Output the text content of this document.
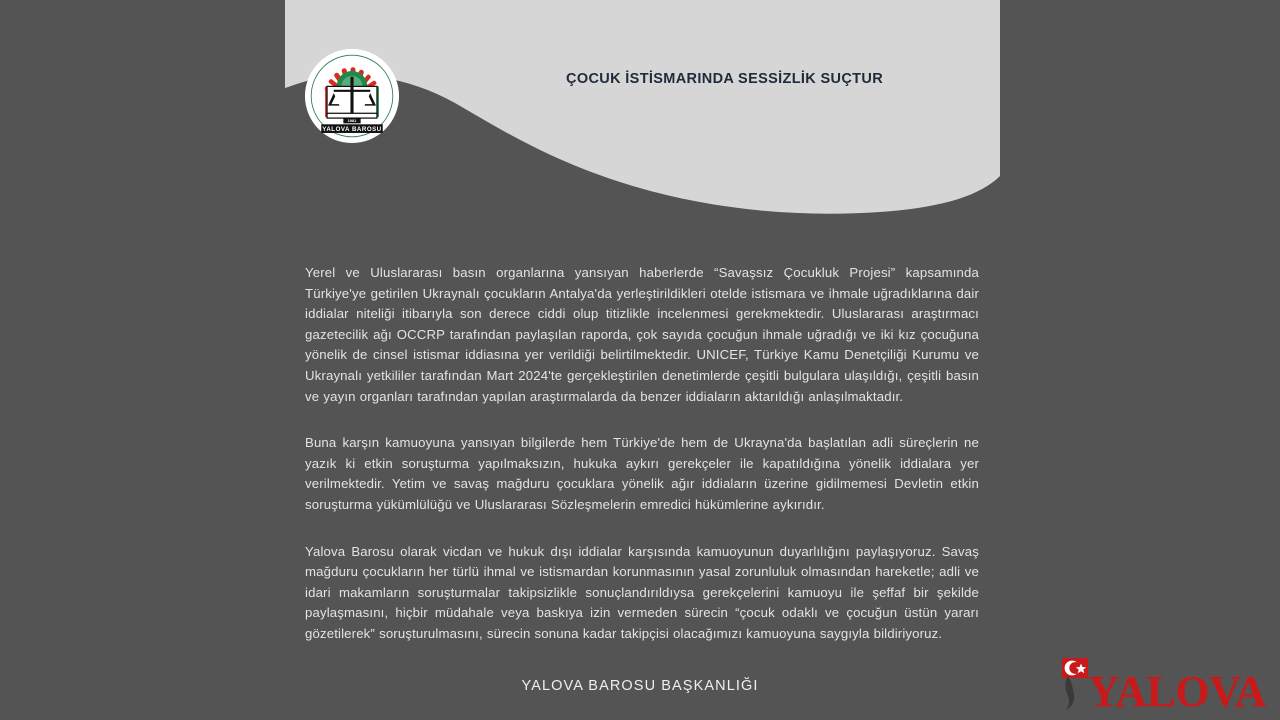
1981
YALOVA BAROSU
ÇOCUK İSTİSMARINDA SESSİZLİK SUÇTUR

Yerel ve Uluslararası basın organlarına yansıyan haberlerde “Savaşsız Çocukluk Projesi” kapsamında Türkiye'ye getirilen Ukraynalı çocukların Antalya'da yerleştirildikleri otelde istismara ve ihmale uğradıklarına dair iddialar niteliği itibarıyla son derece ciddi olup titizlikle incelenmesi gerekmektedir. Uluslararası araştırmacı gazetecilik ağı OCCRP tarafından paylaşılan raporda, çok sayıda çocuğun ihmale uğradığı ve iki kız çocuğuna yönelik de cinsel istismar iddiasına yer verildiği belirtilmektedir. UNICEF, Türkiye Kamu Denetçiliği Kurumu ve Ukraynalı yetkililer tarafından Mart 2024'te gerçekleştirilen denetimlerde çeşitli bulgulara ulaşıldığı, çeşitli basın ve yayın organları tarafından yapılan araştırmalarda da benzer iddiaların aktarıldığı anlaşılmaktadır.

Buna karşın kamuoyuna yansıyan bilgilerde hem Türkiye'de hem de Ukrayna'da başlatılan adli süreçlerin ne yazık ki etkin soruşturma yapılmaksızın, hukuka aykırı gerekçeler ile kapatıldığına yönelik iddialara yer verilmektedir. Yetim ve savaş mağduru çocuklara yönelik ağır iddiaların üzerine gidilmemesi Devletin etkin soruşturma yükümlülüğü ve Uluslararası Sözleşmelerin emredici hükümlerine aykırıdır.

Yalova Barosu olarak vicdan ve hukuk dışı iddialar karşısında kamuoyunun duyarlılığını paylaşıyoruz. Savaş mağduru çocukların her türlü ihmal ve istismardan korunmasının yasal zorunluluk olmasından hareketle; adli ve idari makamların soruşturmalar takipsizlikle sonuçlandırıldıysa gerekçelerini kamuoyu ile şeffaf bir şekilde paylaşmasını, hiçbir müdahale veya baskıya izin vermeden sürecin “çocuk odaklı ve çocuğun üstün yararı gözetilerek” soruşturulmasını, sürecin sonuna kadar takipçisi olacağımızı kamuoyuna saygıyla bildiriyoruz.

YALOVA BAROSU BAŞKANLIĞI	YALOVA
